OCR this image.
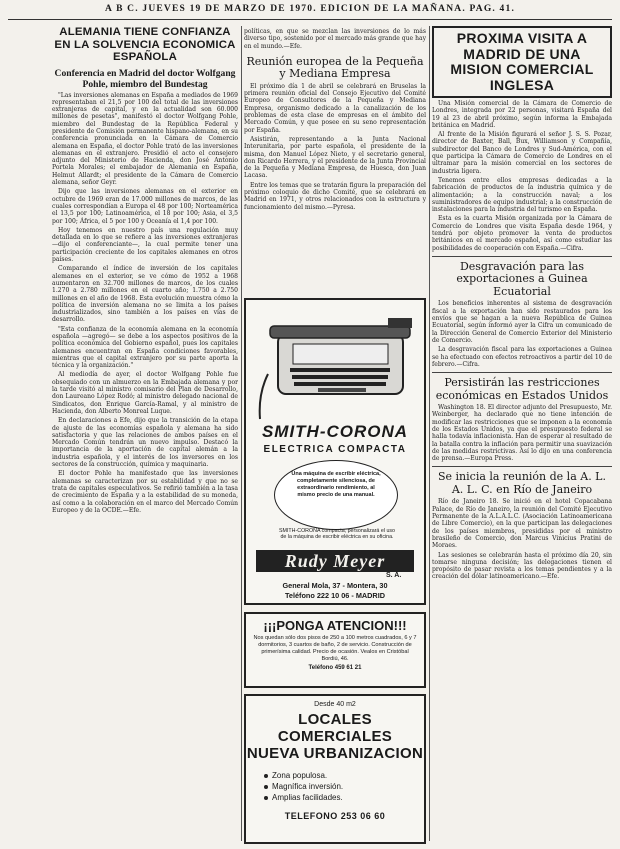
A B C. JUEVES 19 DE MARZO DE 1970. EDICION DE LA MAÑANA. PAG. 41.
ALEMANIA TIENE CONFIANZA EN LA SOLVENCIA ECONOMICA ESPAÑOLA
Conferencia en Madrid del doctor Wolfgang Pohle, miembro del Bundestag

"Las inversiones alemanas en España a mediados de 1969 representaban el 21,5 por 100 del total de las inversiones extranjeras de capital, y en la actualidad son 60.000 millones de pesetas", manifestó el doctor Wolfgang Pohle, miembro del Bundestag de la República Federal y presidente de Comisión permanente hispano-alemana, en su conferencia pronunciada en la Cámara de Comercio alemana en España, el doctor Pohle trató de las inversiones alemanas en el extranjero. Presidió el acto el consejero adjunto del Ministerio de Hacienda, don José Antonio Portela Morales; el embajador de Alemania en España, Helmut Allardt; el presidente de la Cámara de Comercio alemana, señor Geyr.

Dijo que las inversiones alemanas en el exterior en octubre de 1969 eran de 17.000 millones de marcos, de las cuales correspondían a Europa el 48 por 100; Norteamérica el 13,5 por 100; Latinoamérica, el 18 por 100; Asia, el 3,5 por 100; África, el 5 por 100 y Oceanía el 1,4 por 100.

Hoy tenemos en nuestro país una regulación muy detallada en lo que se refiere a las inversiones extranjeras —dijo el conferenciante—, la cual permite tener una participación creciente de los capitales alemanes en otros países.

Comparando el índice de inversión de los capitales alemanes en el exterior, se ve cómo de 1952 a 1968 aumentaron en 32.700 millones de marcos, de los cuales 1.270 a 2.780 millones en el cuarto año; 1.750 a 2.750 millones en el año de 1968. Esta evolución muestra cómo la política de inversión alemana no se limita a los países industrializados, sino también a los países en vías de desarrollo.

"Esta confianza de la economía alemana en la economía española —agregó— se debe a los aspectos positivos de la política económica del Gobierno español, pues los capitales alemanes encuentran en España condiciones favorables, mientras que el capital extranjero por su parte aporta la técnica y la organización."

Al mediodía de ayer, el doctor Wolfgang Pohle fue obsequiado con un almuerzo en la Embajada alemana y por la tarde visitó al ministro comisario del Plan de Desarrollo, don Laureano López Rodó; al ministro delegado nacional de Sindicatos, don Enrique García-Ramal, y al ministro de Hacienda, don Alberto Monreal Luque.

En declaraciones a Efe, dijo que la transición de la etapa de ajuste de las economías española y alemana ha sido satisfactoria y que las relaciones de ambos países en el Mercado Común tendrán un nuevo impulso. Destacó la importancia de la aportación de capital alemán a la industria española, y el interés de los inversores en los sectores de la construcción, química y maquinaria.

El doctor Pohle ha manifestado que las inversiones alemanas se caracterizan por su estabilidad y que no se trata de capitales especulativos. Se refirió también a la tasa de crecimiento de España y a la estabilidad de su moneda, así como a la colaboración en el marco del Mercado Común Europeo y de la OCDE.—Efe.

políticas, en que se mezclan las inversiones de lo más diverso tipo, sostenido por el mercado más grande que hay en el mundo.—Efe.

Reunión europea de la Pequeña y Mediana Empresa

El próximo día 1 de abril se celebrará en Bruselas la primera reunión oficial del Consejo Ejecutivo del Comité Europeo de Consultores de la Pequeña y Mediana Empresa, organismo dedicado a la canalización de los problemas de esta clase de empresas en el ámbito del Mercado Común, y que posee en su seno representación por España.

Asistirán, representando a la Junta Nacional Interunitaria, por parte española, el presidente de la misma, don Manuel López Nieto, y el secretario general, don Ricardo Herrera, y el presidente de la Junta Provincial de la Pequeña y Mediana Empresa, de Huesca, don Juan Lacasa.

Entre los temas que se tratarán figura la preparación del próximo coloquio de dicho Comité, que se celebrará en Madrid en 1971, y otros relacionados con la estructura y funcionamiento del mismo.—Pyresa.

SMITH-CORONA
ELECTRICA COMPACTA
Una máquina de escribir eléctrica, completamente silenciosa, de extraordinario rendimiento, al mismo precio de una manual.
SMITH-CORONA compacta, personalizará el uso de la máquina de escribir eléctrica en su oficina.
Rudy Meyer
S. A.
General Mola, 37 - Montera, 30
Teléfono 222 10 06 - MADRID
¡¡¡PONGA ATENCION!!!
Nos quedan sólo dos pisos de 250 a 100 metros cuadrados, 6 y 7 dormitorios, 3 cuartos de baño, 2 de servicio. Construcción de primerísima calidad. Precio de ocasión. Vealos en Cristóbal Bordiú, 46.
Teléfono 459 61 21
Desde 40 m2
LOCALES COMERCIALES
NUEVA URBANIZACION
Zona populosa.
Magnífica inversión.
Amplias facilidades.
TELEFONO 253 06 60
PROXIMA VISITA A MADRID DE UNA MISION COMERCIAL INGLESA

Una Misión comercial de la Cámara de Comercio de Londres, integrada por 22 personas, visitará España del 19 al 23 de abril próximo, según informa la Embajada británica en Madrid.

Al frente de la Misión figurará el señor J. S. S. Pozar, director de Baxter, Ball, Bux, Williamson y Compañía, subdirector del Banco de Londres y Sud-América, con el que participa la Cámara de Comercio de Londres en el ultramar para la misión comercial en los sectores de industria ligera.

Tenemos entre ellos empresas dedicadas a la fabricación de productos de la industria química y de alimentación; a la construcción naval; a los suministradores de equipo industrial; a la construcción de instalaciones para la industria del turismo en España.

Esta es la cuarta Misión organizada por la Cámara de Comercio de Londres que visita España desde 1964, y tendrá por objeto promover la venta de productos británicos en el mercado español, así como estudiar las posibilidades de cooperación con España.—Cifra.

Desgravación para las exportaciones a Guinea Ecuatorial

Los beneficios inherentes al sistema de desgravación fiscal a la exportación han sido restaurados para los envíos que se hagan a la nueva República de Guinea Ecuatorial, según informó ayer la Cifra un comunicado de la Dirección General de Comercio Exterior del Ministerio de Comercio.

La desgravación fiscal para las exportaciones a Guinea se ha efectuado con efectos retroactivos a partir del 10 de febrero.—Cifra.

Persistirán las restricciones económicas en Estados Unidos

Washington 18. El director adjunto del Presupuesto, Mr. Weinberger, ha declarado que no tiene intención de modificar las restricciones que se imponen a la economía de los Estados Unidos, ya que el presupuesto federal se halla todavía inflacionista. Han de esperar al resultado de la batalla contra la inflación para permitir una suavización de las medidas restrictivas. Así lo dijo en una conferencia de prensa.—Europa Press.

Se inicia la reunión de la A. L. A. L. C. en Río de Janeiro

Río de Janeiro 18. Se inició en el hotel Copacabana Palace, de Río de Janeiro, la reunión del Comité Ejecutivo Permanente de la A.L.A.L.C. (Asociación Latinoamericana de Libre Comercio), en la que participan las delegaciones de los países miembros, presididas por el ministro brasileño de Comercio, don Marcus Vinicius Pratini de Moraes.

Las sesiones se celebrarán hasta el próximo día 20, sin tomarse ninguna decisión; las delegaciones tienen el propósito de pasar revista a los temas pendientes y a la creación del dólar latinoamericano.—Efe.
